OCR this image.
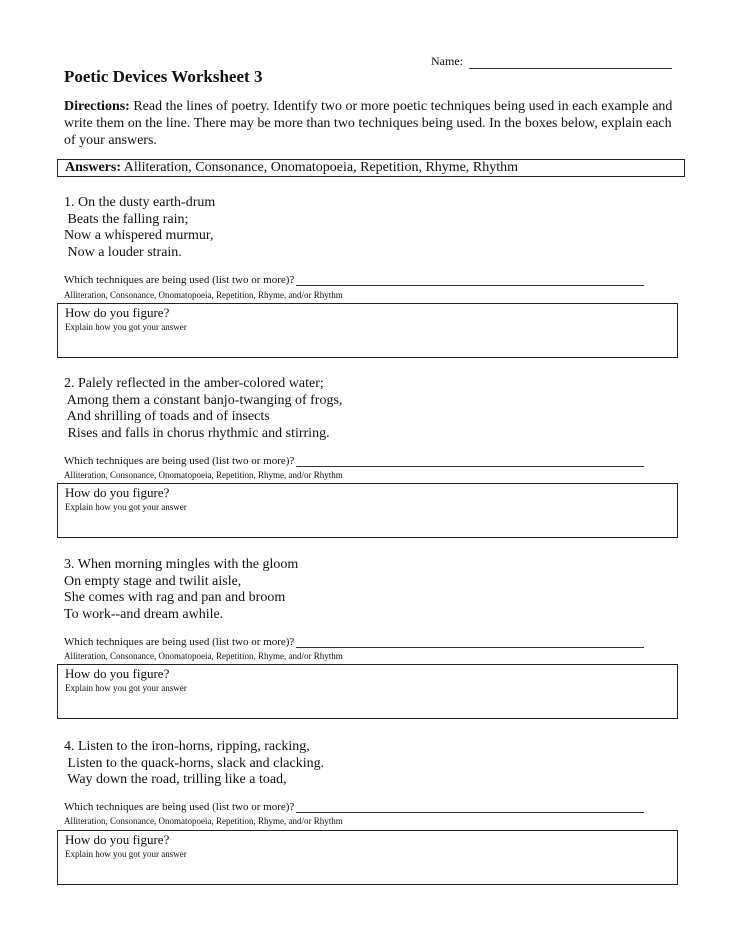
Name:
Poetic Devices Worksheet 3
Directions: Read the lines of poetry. Identify two or more poetic techniques being used in each example and write them on the line. There may be more than two techniques being used. In the boxes below, explain each of your answers.
Answers: Alliteration, Consonance, Onomatopoeia, Repetition, Rhyme, Rhythm
1. On the dusty earth-drum
Beats the falling rain;
Now a whispered murmur,
Now a louder strain.
Which techniques are being used (list two or more)?
Alliteration, Consonance, Onomatopoeia, Repetition, Rhyme, and/or Rhythm
How do you figure?
Explain how you got your answer
2. Palely reflected in the amber-colored water;
Among them a constant banjo-twanging of frogs,
And shrilling of toads and of insects
Rises and falls in chorus rhythmic and stirring.
Which techniques are being used (list two or more)?
Alliteration, Consonance, Onomatopoeia, Repetition, Rhyme, and/or Rhythm
How do you figure?
Explain how you got your answer
3. When morning mingles with the gloom
On empty stage and twilit aisle,
She comes with rag and pan and broom
To work--and dream awhile.
Which techniques are being used (list two or more)?
Alliteration, Consonance, Onomatopoeia, Repetition, Rhyme, and/or Rhythm
How do you figure?
Explain how you got your answer
4. Listen to the iron-horns, ripping, racking,
Listen to the quack-horns, slack and clacking.
Way down the road, trilling like a toad,
Which techniques are being used (list two or more)?
Alliteration, Consonance, Onomatopoeia, Repetition, Rhyme, and/or Rhythm
How do you figure?
Explain how you got your answer
